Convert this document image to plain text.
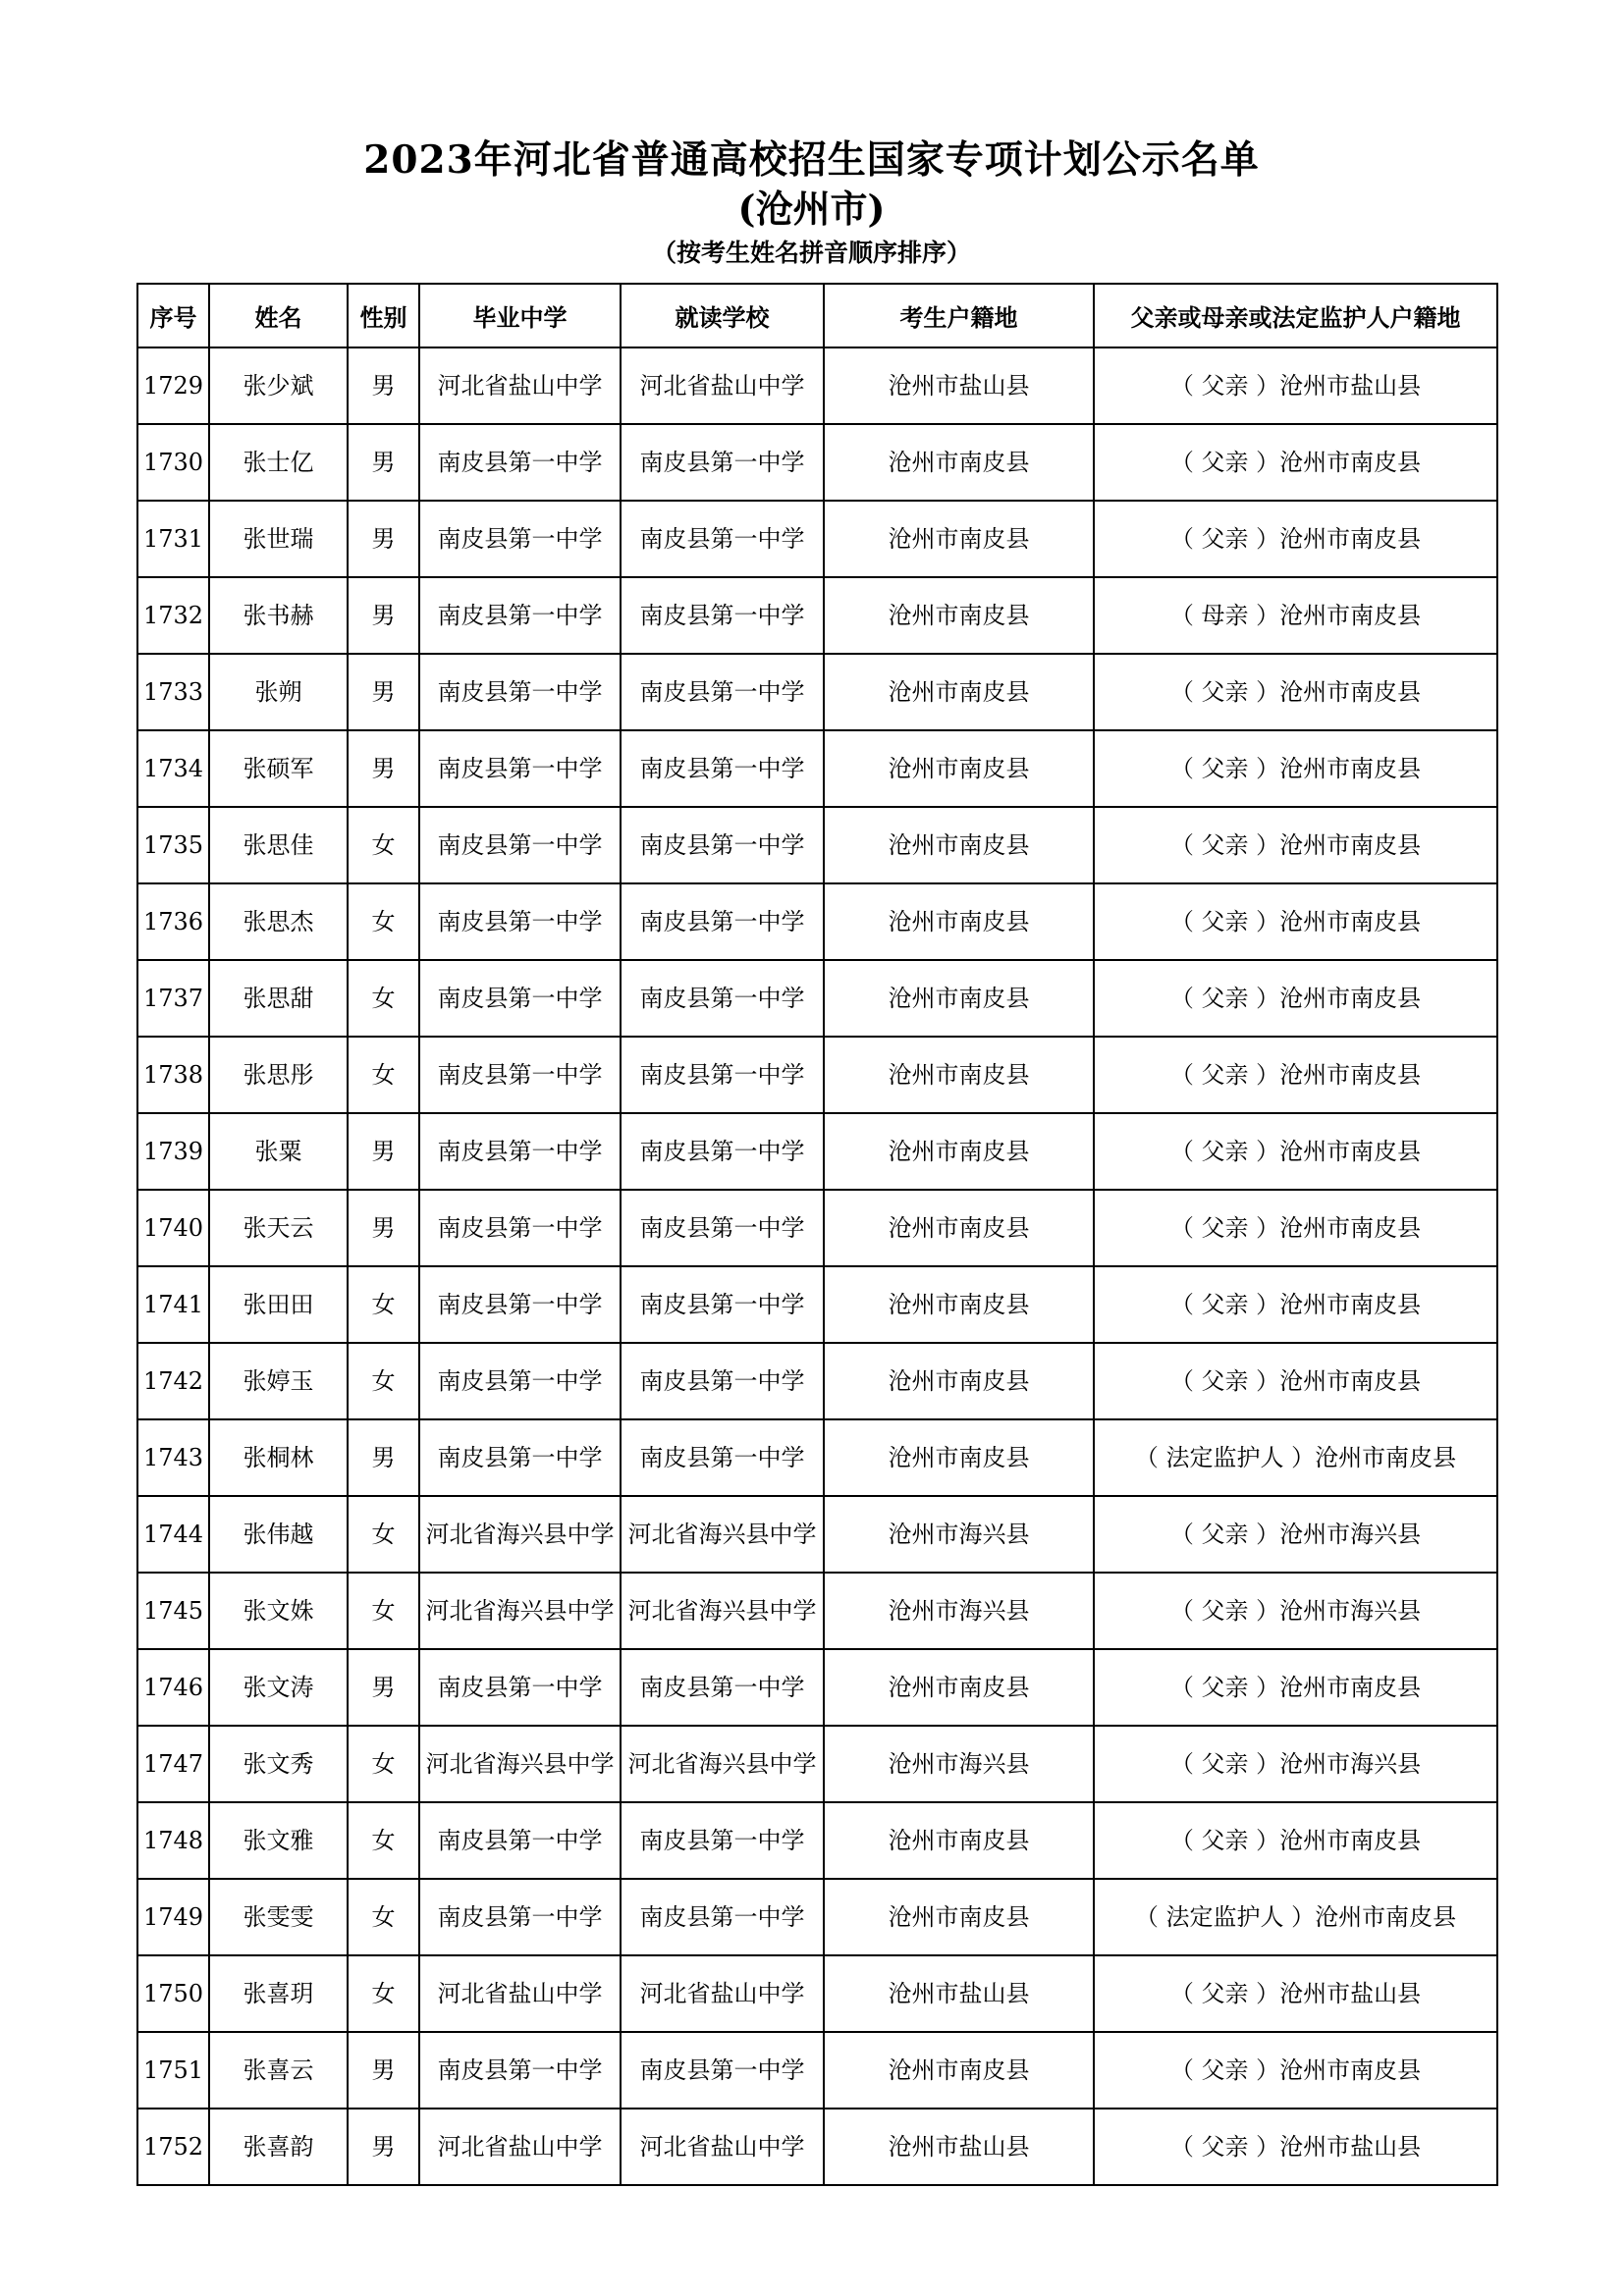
2023年河北省普通高校招生国家专项计划公示名单
(沧州市)
（按考生姓名拼音顺序排序）
序号	姓名	性别	毕业中学	就读学校	考生户籍地	父亲或母亲或法定监护人户籍地
1729	张少斌	男	河北省盐山中学	河北省盐山中学	沧州市盐山县	（ 父亲 ）沧州市盐山县
1730	张士亿	男	南皮县第一中学	南皮县第一中学	沧州市南皮县	（ 父亲 ）沧州市南皮县
1731	张世瑞	男	南皮县第一中学	南皮县第一中学	沧州市南皮县	（ 父亲 ）沧州市南皮县
1732	张书赫	男	南皮县第一中学	南皮县第一中学	沧州市南皮县	（ 母亲 ）沧州市南皮县
1733	张朔	男	南皮县第一中学	南皮县第一中学	沧州市南皮县	（ 父亲 ）沧州市南皮县
1734	张硕军	男	南皮县第一中学	南皮县第一中学	沧州市南皮县	（ 父亲 ）沧州市南皮县
1735	张思佳	女	南皮县第一中学	南皮县第一中学	沧州市南皮县	（ 父亲 ）沧州市南皮县
1736	张思杰	女	南皮县第一中学	南皮县第一中学	沧州市南皮县	（ 父亲 ）沧州市南皮县
1737	张思甜	女	南皮县第一中学	南皮县第一中学	沧州市南皮县	（ 父亲 ）沧州市南皮县
1738	张思彤	女	南皮县第一中学	南皮县第一中学	沧州市南皮县	（ 父亲 ）沧州市南皮县
1739	张粟	男	南皮县第一中学	南皮县第一中学	沧州市南皮县	（ 父亲 ）沧州市南皮县
1740	张天云	男	南皮县第一中学	南皮县第一中学	沧州市南皮县	（ 父亲 ）沧州市南皮县
1741	张田田	女	南皮县第一中学	南皮县第一中学	沧州市南皮县	（ 父亲 ）沧州市南皮县
1742	张婷玉	女	南皮县第一中学	南皮县第一中学	沧州市南皮县	（ 父亲 ）沧州市南皮县
1743	张桐林	男	南皮县第一中学	南皮县第一中学	沧州市南皮县	（ 法定监护人 ）沧州市南皮县
1744	张伟越	女	河北省海兴县中学	河北省海兴县中学	沧州市海兴县	（ 父亲 ）沧州市海兴县
1745	张文姝	女	河北省海兴县中学	河北省海兴县中学	沧州市海兴县	（ 父亲 ）沧州市海兴县
1746	张文涛	男	南皮县第一中学	南皮县第一中学	沧州市南皮县	（ 父亲 ）沧州市南皮县
1747	张文秀	女	河北省海兴县中学	河北省海兴县中学	沧州市海兴县	（ 父亲 ）沧州市海兴县
1748	张文雅	女	南皮县第一中学	南皮县第一中学	沧州市南皮县	（ 父亲 ）沧州市南皮县
1749	张雯雯	女	南皮县第一中学	南皮县第一中学	沧州市南皮县	（ 法定监护人 ）沧州市南皮县
1750	张喜玥	女	河北省盐山中学	河北省盐山中学	沧州市盐山县	（ 父亲 ）沧州市盐山县
1751	张喜云	男	南皮县第一中学	南皮县第一中学	沧州市南皮县	（ 父亲 ）沧州市南皮县
1752	张喜韵	男	河北省盐山中学	河北省盐山中学	沧州市盐山县	（ 父亲 ）沧州市盐山县
